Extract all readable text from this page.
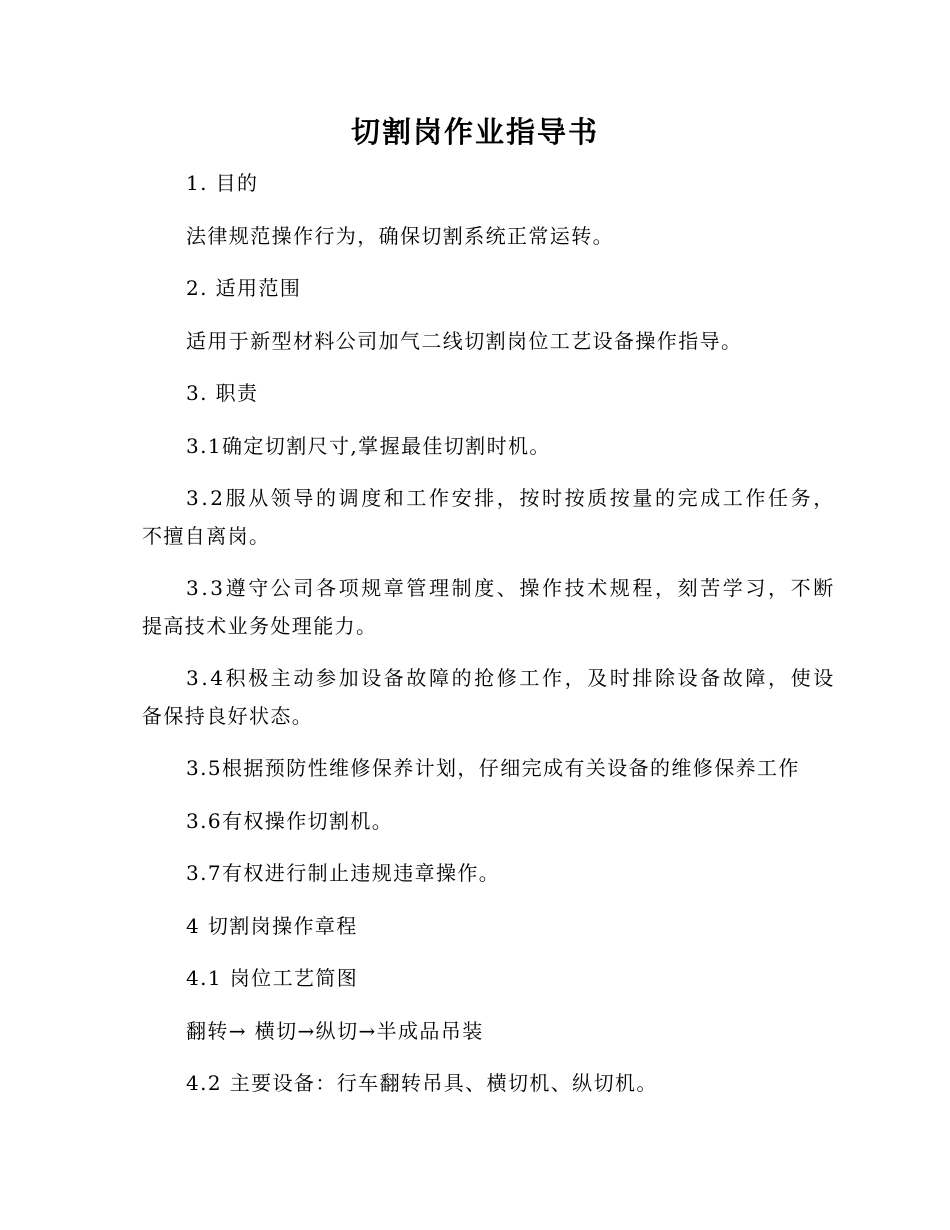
切割岗作业指导书
1. 目的
法律规范操作行为，确保切割系统正常运转。
2. 适用范围
适用于新型材料公司加气二线切割岗位工艺设备操作指导。
3. 职责
3.1确定切割尺寸,掌握最佳切割时机。
3.2服从领导的调度和工作安排，按时按质按量的完成工作任务，
不擅自离岗。
3.3遵守公司各项规章管理制度、操作技术规程，刻苦学习，不断
提高技术业务处理能力。
3.4积极主动参加设备故障的抢修工作，及时排除设备故障，使设
备保持良好状态。
3.5根据预防性维修保养计划，仔细完成有关设备的维修保养工作
3.6有权操作切割机。
3.7有权进行制止违规违章操作。
4 切割岗操作章程
4.1 岗位工艺简图
翻转→ 横切→纵切→半成品吊装
4.2 主要设备：行车翻转吊具、横切机、纵切机。
